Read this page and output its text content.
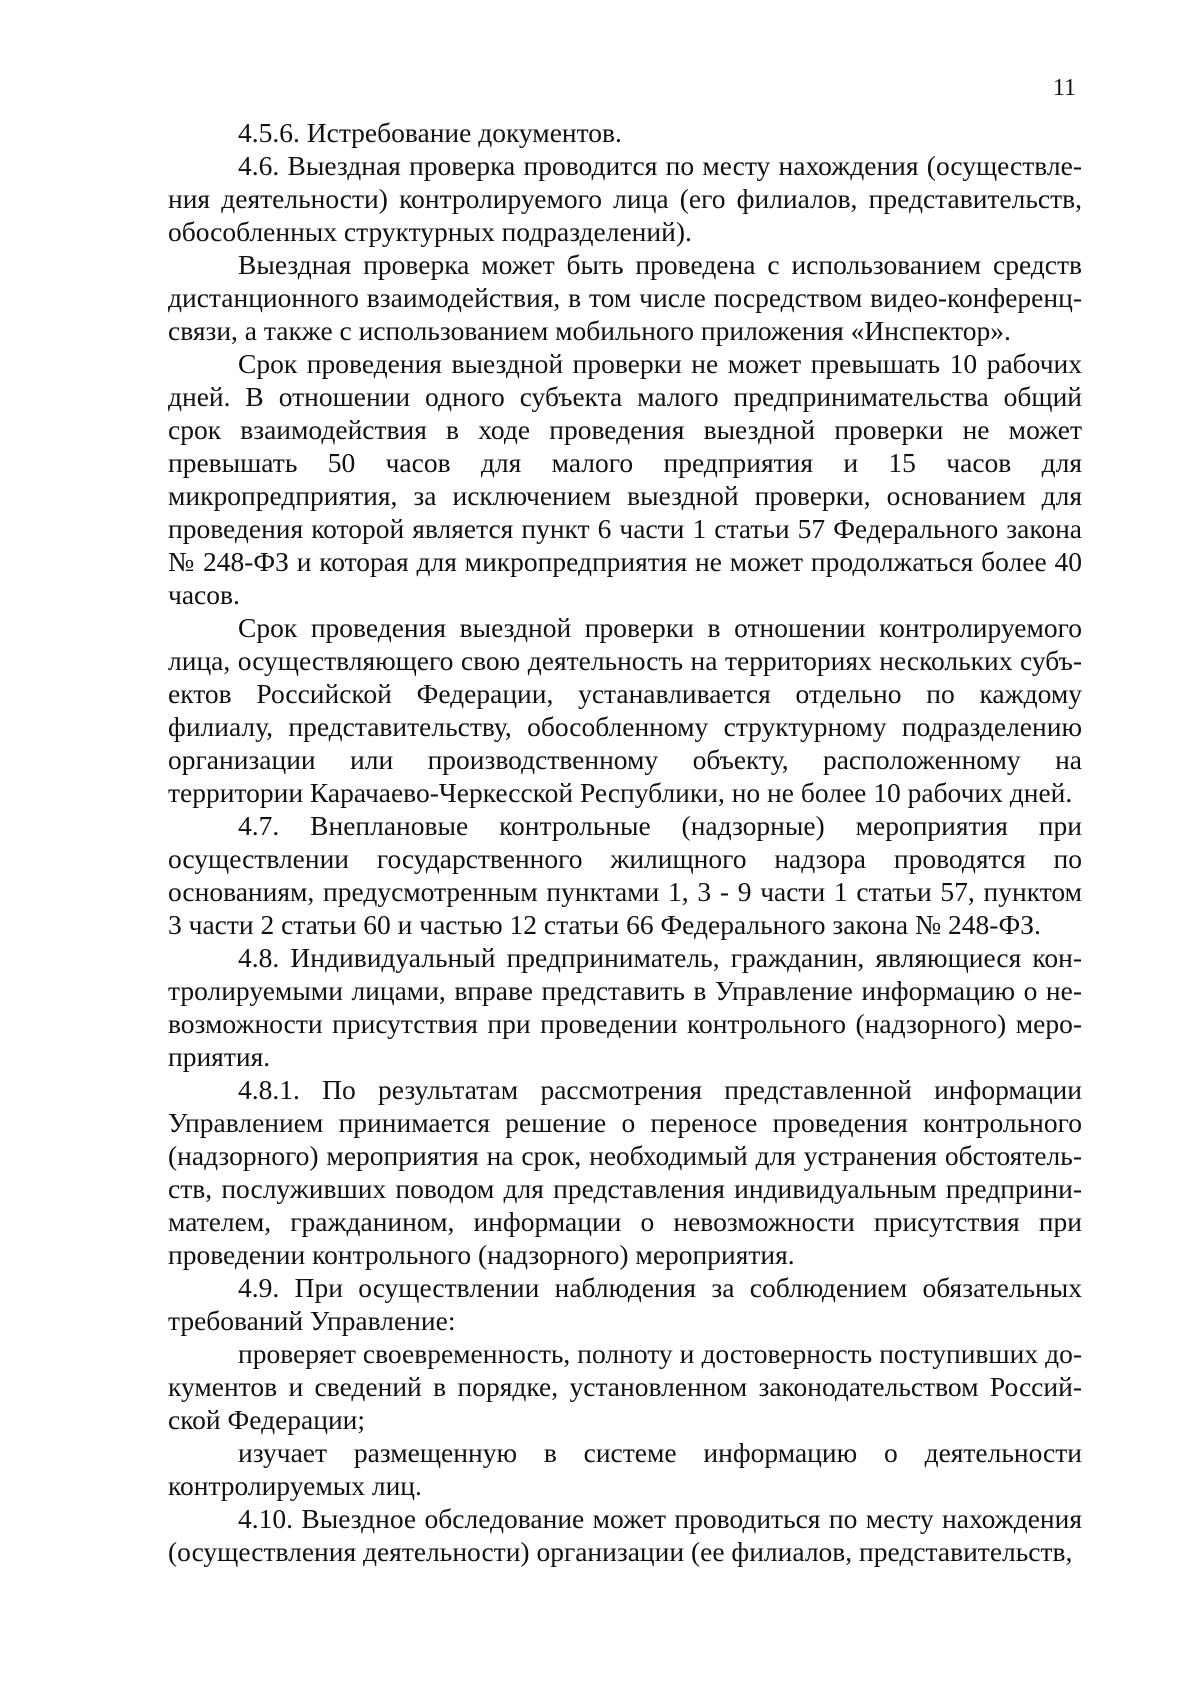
11

4.5.6. Истребование документов.

4.6. Выездная проверка проводится по месту нахождения (осуществления деятельности) контролируемого лица (его филиалов, представительств, обособленных структурных подразделений).

Выездная проверка может быть проведена с использованием средств дистанционного взаимодействия, в том числе посредством видео-конференцсвязи, а также с использованием мобильного приложения «Инспектор».

Срок проведения выездной проверки не может превышать 10 рабочих дней. В отношении одного субъекта малого предпринимательства общий срок взаимодействия в ходе проведения выездной проверки не может превышать 50 часов для малого предприятия и 15 часов для микропредприятия, за исключением выездной проверки, основанием для проведения которой является пункт 6 части 1 статьи 57 Федерального закона № 248-ФЗ и которая для микропредприятия не может продолжаться более 40 часов.

Срок проведения выездной проверки в отношении контролируемого лица, осуществляющего свою деятельность на территориях нескольких субъектов Российской Федерации, устанавливается отдельно по каждому филиалу, представительству, обособленному структурному подразделению организации или производственному объекту, расположенному на территории Карачаево-Черкесской Республики, но не более 10 рабочих дней.

4.7. Внеплановые контрольные (надзорные) мероприятия при осуществлении государственного жилищного надзора проводятся по основаниям, предусмотренным пунктами 1, 3 - 9 части 1 статьи 57, пунктом 3 части 2 статьи 60 и частью 12 статьи 66 Федерального закона № 248-ФЗ.

4.8. Индивидуальный предприниматель, гражданин, являющиеся контролируемыми лицами, вправе представить в Управление информацию о невозможности присутствия при проведении контрольного (надзорного) мероприятия.

4.8.1. По результатам рассмотрения представленной информации Управлением принимается решение о переносе проведения контрольного (надзорного) мероприятия на срок, необходимый для устранения обстоятельств, послуживших поводом для представления индивидуальным предпринимателем, гражданином, информации о невозможности присутствия при проведении контрольного (надзорного) мероприятия.

4.9. При осуществлении наблюдения за соблюдением обязательных требований Управление:

проверяет своевременность, полноту и достоверность поступивших документов и сведений в порядке, установленном законодательством Российской Федерации;

изучает размещенную в системе информацию о деятельности контролируемых лиц.

4.10. Выездное обследование может проводиться по месту нахождения (осуществления деятельности) организации (ее филиалов, представительств,
